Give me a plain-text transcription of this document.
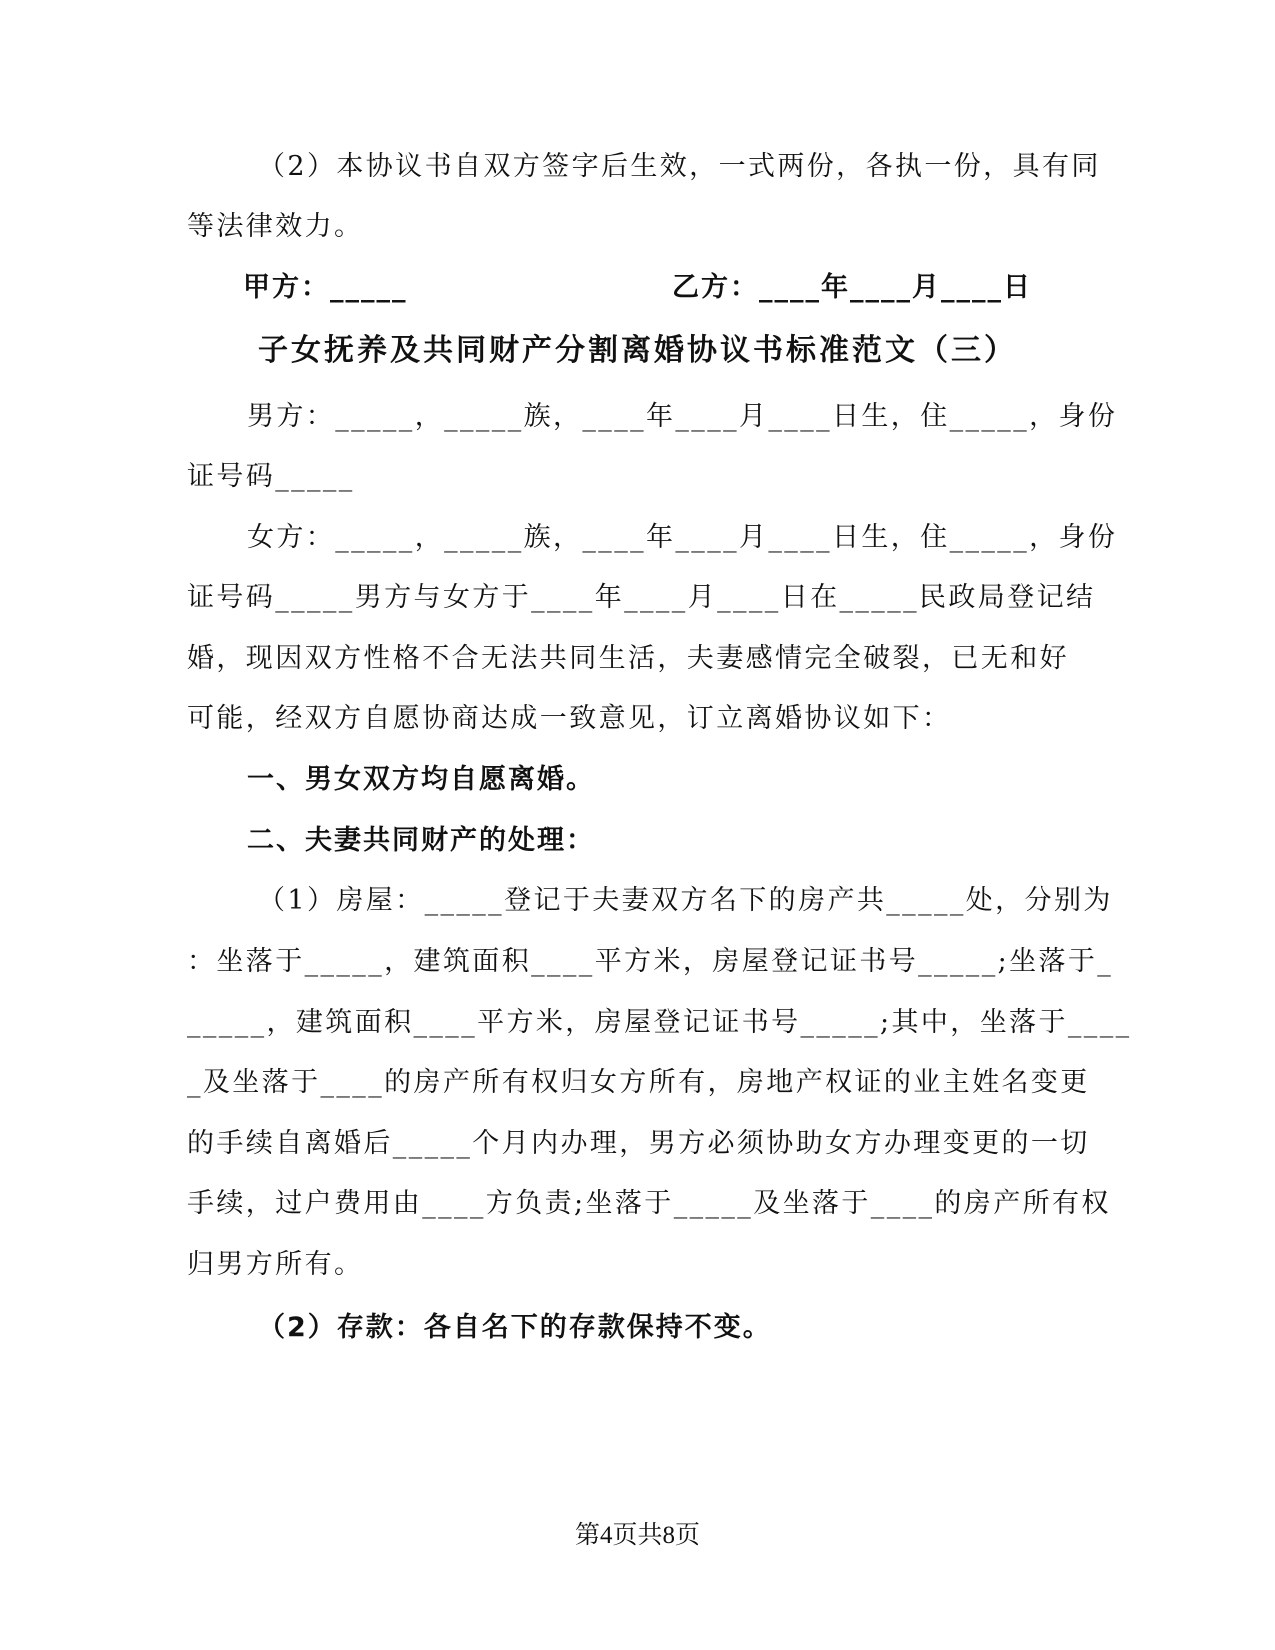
（2）本协议书自双方签字后生效，一式两份，各执一份，具有同
等法律效力。
甲方：_____	乙方：____年____月____日
子女抚养及共同财产分割离婚协议书标准范文（三）
男方：_____，_____族，____年____月____日生，住_____，身份
证号码_____
女方：_____，_____族，____年____月____日生，住_____，身份
证号码_____男方与女方于____年____月____日在_____民政局登记结
婚，现因双方性格不合无法共同生活，夫妻感情完全破裂，已无和好
可能，经双方自愿协商达成一致意见，订立离婚协议如下：
一、男女双方均自愿离婚。
二、夫妻共同财产的处理：
（1）房屋：_____登记于夫妻双方名下的房产共_____处，分别为
：坐落于_____，建筑面积____平方米，房屋登记证书号_____;坐落于_
_____，建筑面积____平方米，房屋登记证书号_____;其中，坐落于____
_及坐落于____的房产所有权归女方所有，房地产权证的业主姓名变更
的手续自离婚后_____个月内办理，男方必须协助女方办理变更的一切
手续，过户费用由____方负责;坐落于_____及坐落于____的房产所有权
归男方所有。
（2）存款：各自名下的存款保持不变。
第4页共8页
